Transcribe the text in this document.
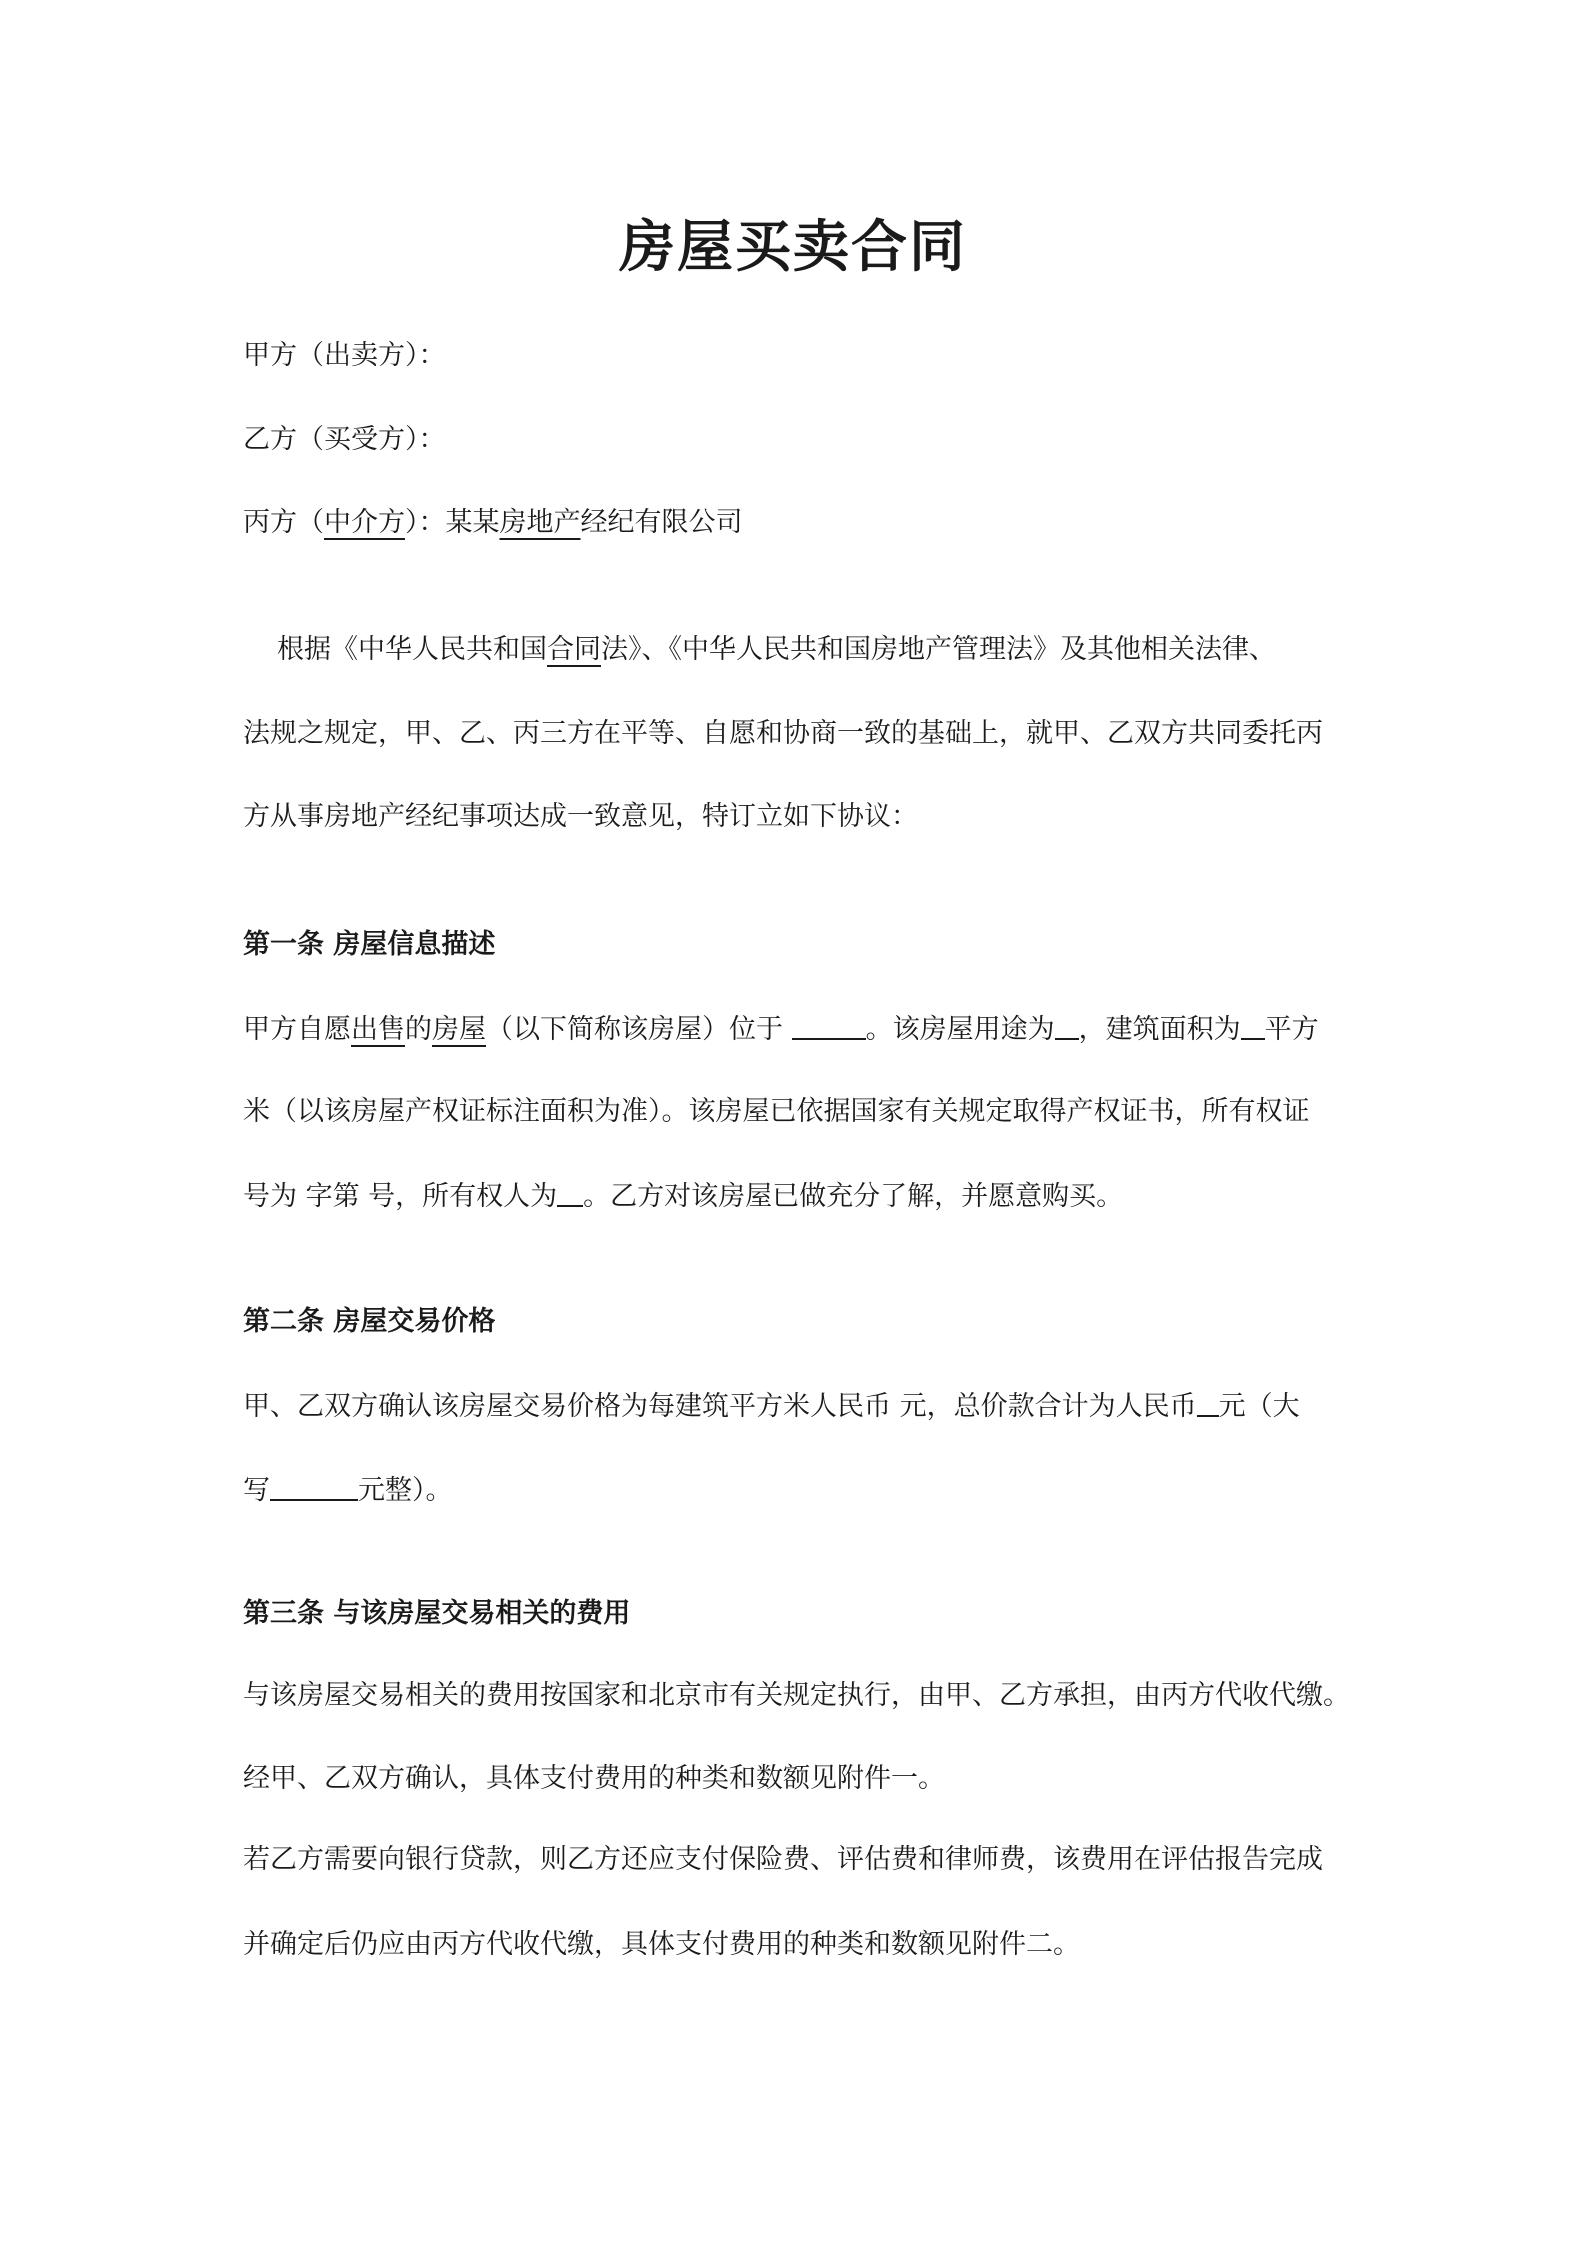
房屋买卖合同
甲方（出卖方）：
乙方（买受方）：
丙方（中介方）：某某房地产经纪有限公司
根据《中华人民共和国合同法》、《中华人民共和国房地产管理法》及其他相关法律、
法规之规定，甲、乙、丙三方在平等、自愿和协商一致的基础上，就甲、乙双方共同委托丙
方从事房地产经纪事项达成一致意见，特订立如下协议：
第一条 房屋信息描述
甲方自愿出售的房屋（以下简称该房屋）位于	。该房屋用途为 ，建筑面积为 平方
米（以该房屋产权证标注面积为准）。该房屋已依据国家有关规定取得产权证书，所有权证
号为 字第 号，所有权人为 。乙方对该房屋已做充分了解，并愿意购买。
第二条 房屋交易价格
甲、乙双方确认该房屋交易价格为每建筑平方米人民币 元，总价款合计为人民币 元（大
写	元整）。
第三条 与该房屋交易相关的费用
与该房屋交易相关的费用按国家和北京市有关规定执行，由甲、乙方承担，由丙方代收代缴。
经甲、乙双方确认，具体支付费用的种类和数额见附件一。
若乙方需要向银行贷款，则乙方还应支付保险费、评估费和律师费，该费用在评估报告完成
并确定后仍应由丙方代收代缴，具体支付费用的种类和数额见附件二。
